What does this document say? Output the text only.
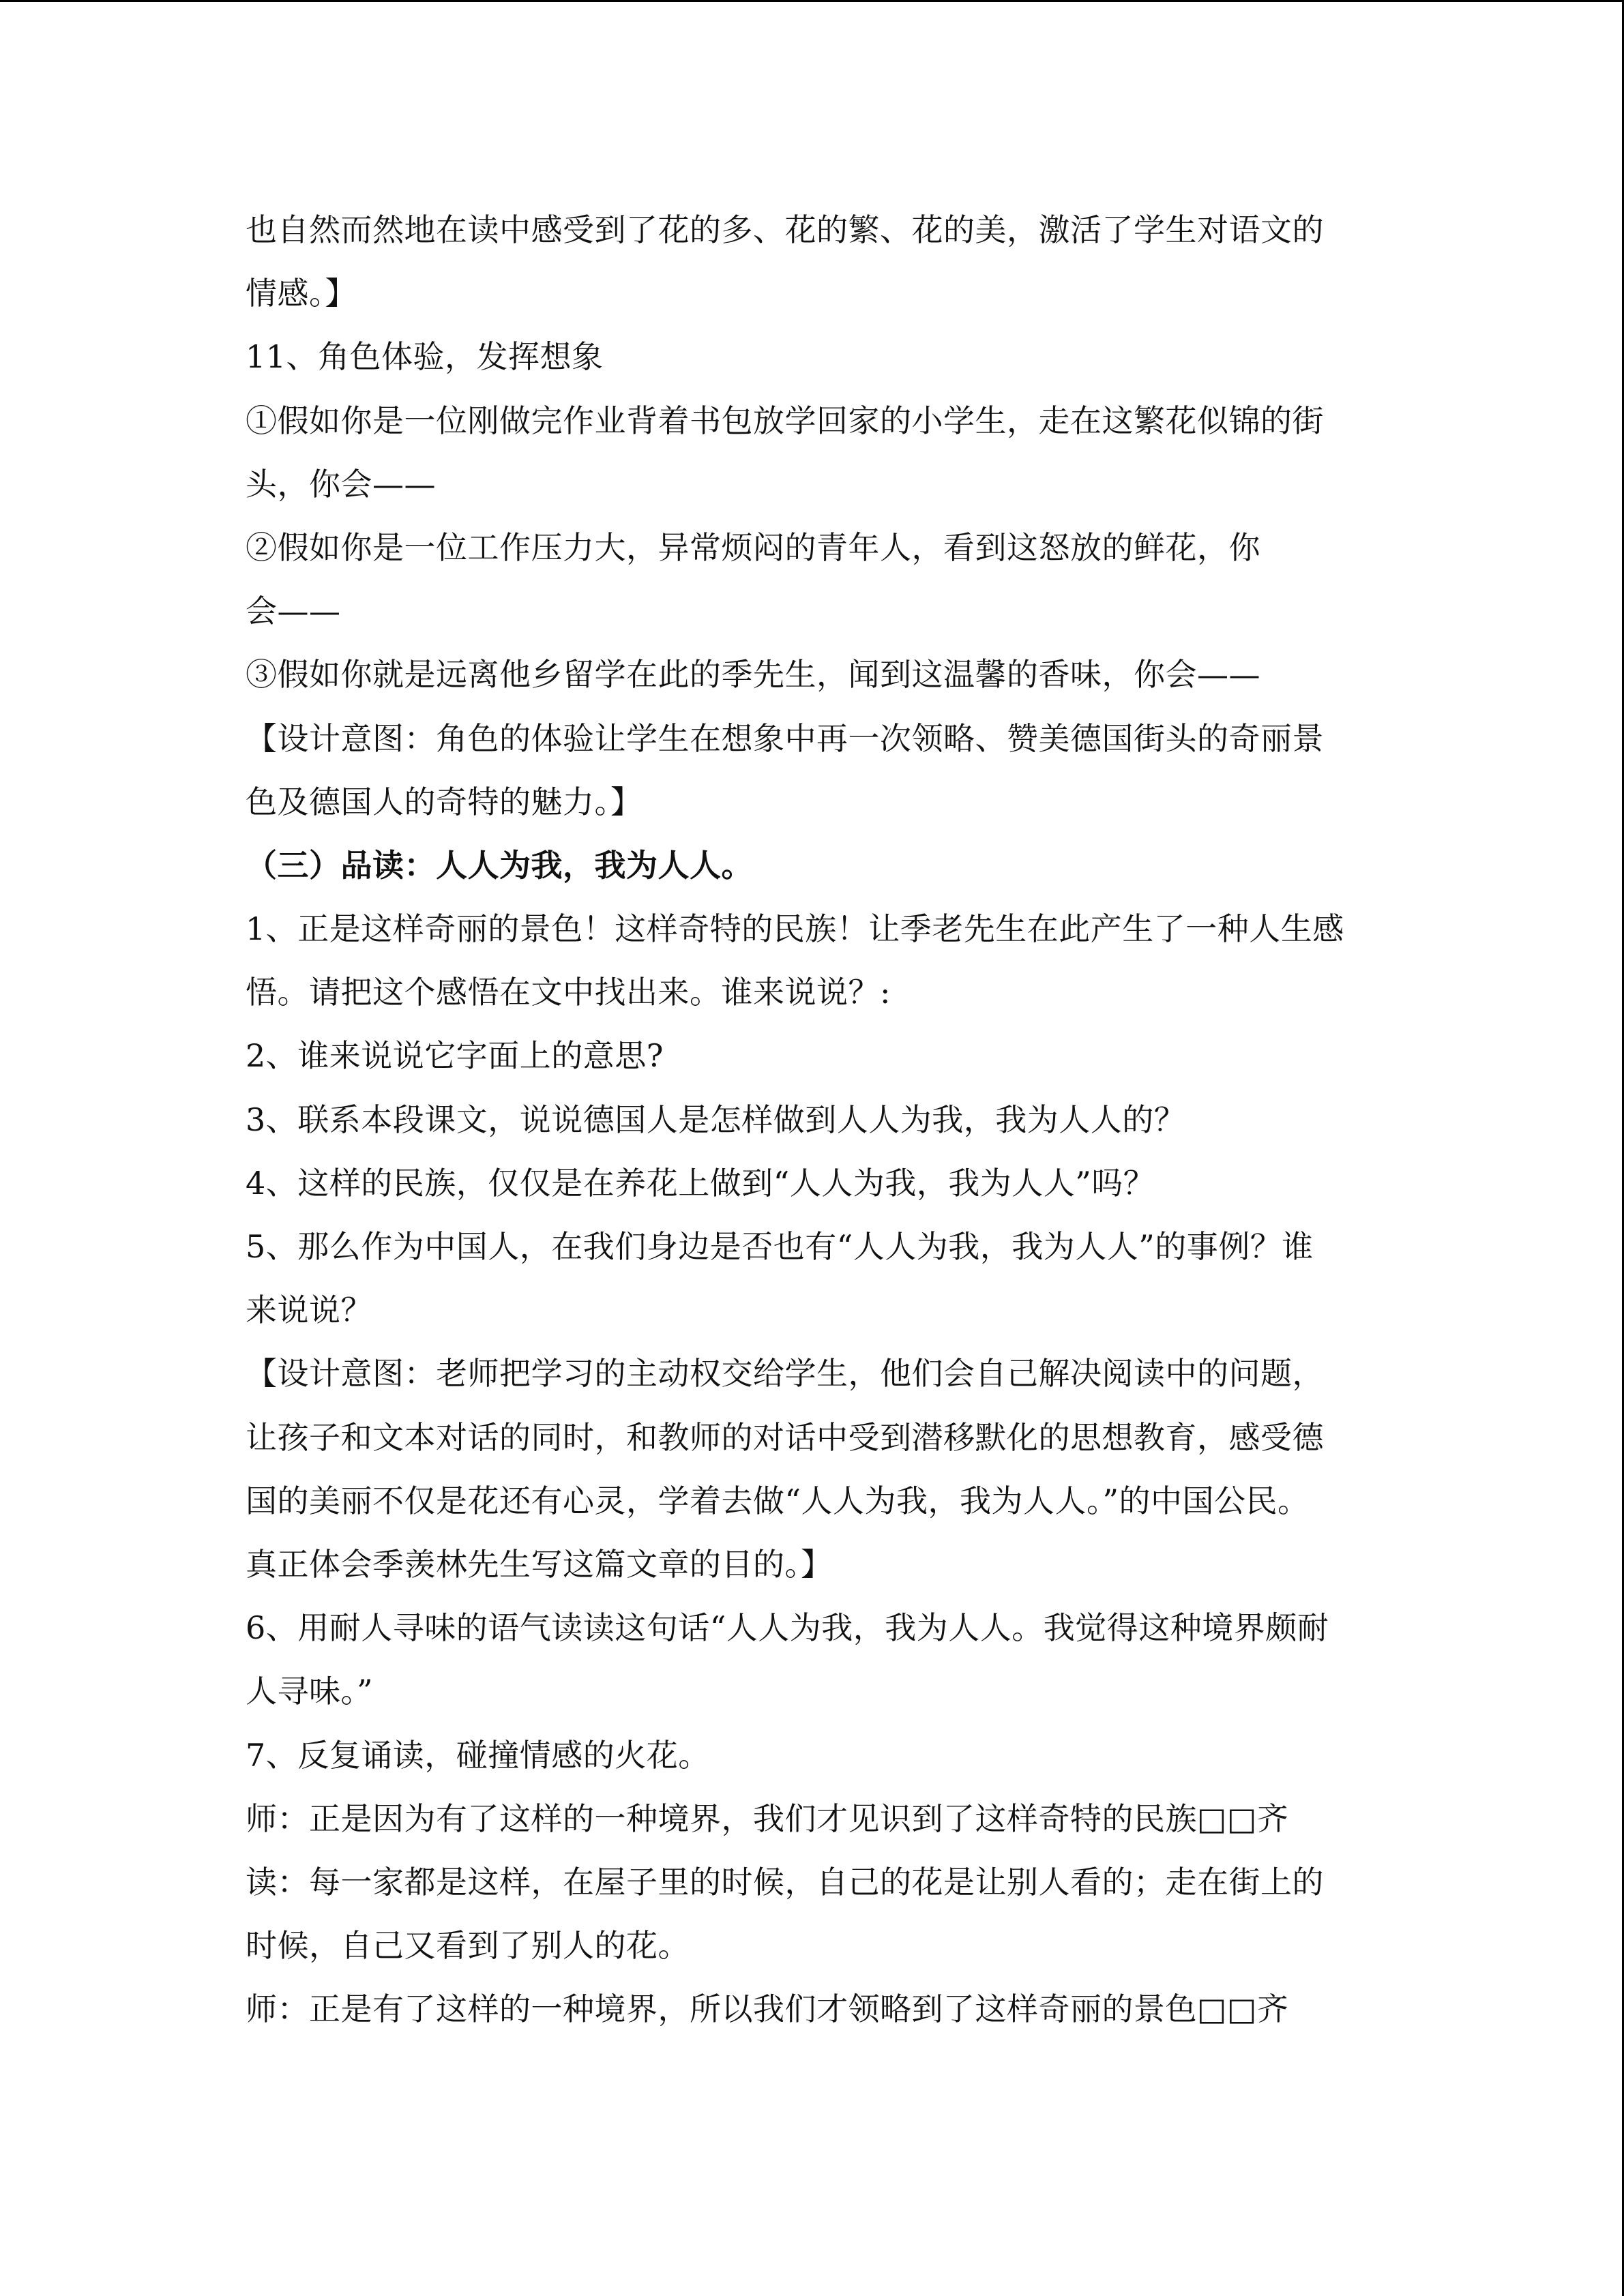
也自然而然地在读中感受到了花的多、花的繁、花的美，激活了学生对语文的
情感。】
11、角色体验，发挥想象
①假如你是一位刚做完作业背着书包放学回家的小学生，走在这繁花似锦的街
头，你会——
②假如你是一位工作压力大，异常烦闷的青年人，看到这怒放的鲜花，你
会——
③假如你就是远离他乡留学在此的季先生，闻到这温馨的香味，你会——
【设计意图：角色的体验让学生在想象中再一次领略、赞美德国街头的奇丽景
色及德国人的奇特的魅力。】
（三）品读：人人为我，我为人人。
1、正是这样奇丽的景色！这样奇特的民族！让季老先生在此产生了一种人生感
悟。请把这个感悟在文中找出来。谁来说说？:
2、谁来说说它字面上的意思?
3、联系本段课文，说说德国人是怎样做到人人为我，我为人人的？
4、这样的民族，仅仅是在养花上做到“人人为我，我为人人”吗？
5、那么作为中国人，在我们身边是否也有“人人为我，我为人人”的事例？谁
来说说？
【设计意图：老师把学习的主动权交给学生，他们会自己解决阅读中的问题，
让孩子和文本对话的同时，和教师的对话中受到潜移默化的思想教育，感受德
国的美丽不仅是花还有心灵，学着去做“人人为我，我为人人。”的中国公民。
真正体会季羡林先生写这篇文章的目的。】
6、用耐人寻味的语气读读这句话“人人为我，我为人人。我觉得这种境界颇耐
人寻味。”
7、反复诵读，碰撞情感的火花。
师：正是因为有了这样的一种境界，我们才见识到了这样奇特的民族□□齐
读：每一家都是这样，在屋子里的时候，自己的花是让别人看的；走在街上的
时候，自己又看到了别人的花。
师：正是有了这样的一种境界，所以我们才领略到了这样奇丽的景色□□齐
